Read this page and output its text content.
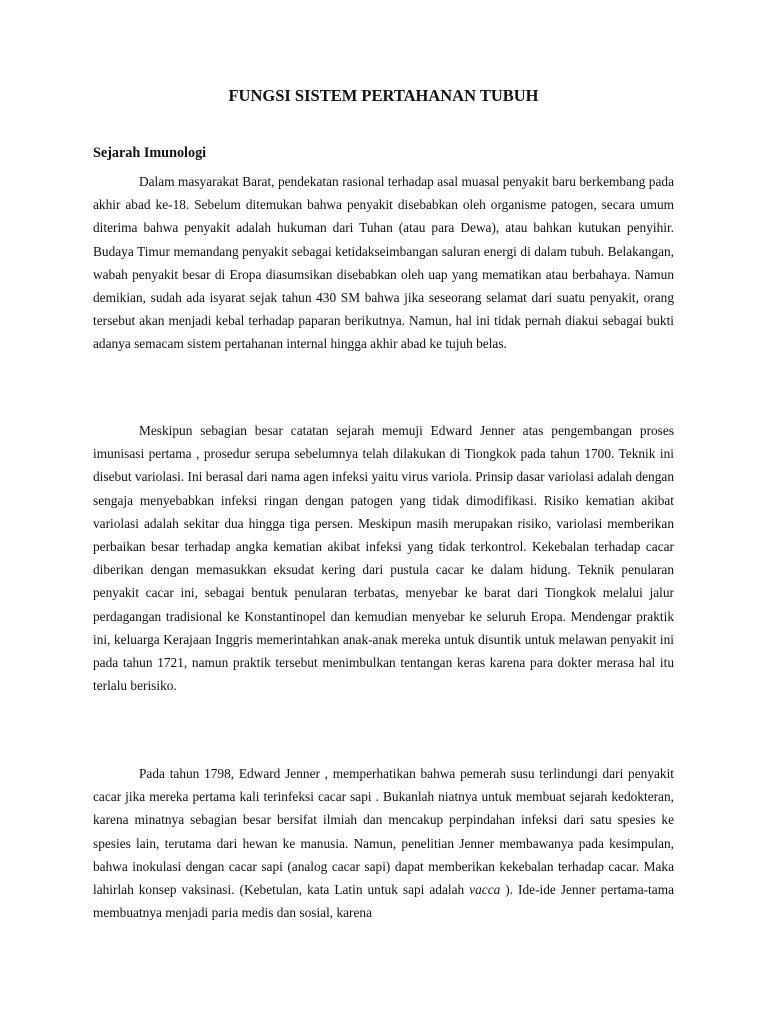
FUNGSI SISTEM PERTAHANAN TUBUH
Sejarah Imunologi

Dalam masyarakat Barat, pendekatan rasional terhadap asal muasal penyakit baru berkembang pada akhir abad ke-18. Sebelum ditemukan bahwa penyakit disebabkan oleh organisme patogen, secara umum diterima bahwa penyakit adalah hukuman dari Tuhan (atau para Dewa), atau bahkan kutukan penyihir. Budaya Timur memandang penyakit sebagai ketidakseimbangan saluran energi di dalam tubuh. Belakangan, wabah penyakit besar di Eropa diasumsikan disebabkan oleh uap yang mematikan atau berbahaya. Namun demikian, sudah ada isyarat sejak tahun 430 SM bahwa jika seseorang selamat dari suatu penyakit, orang tersebut akan menjadi kebal terhadap paparan berikutnya. Namun, hal ini tidak pernah diakui sebagai bukti adanya semacam sistem pertahanan internal hingga akhir abad ke tujuh belas.

Meskipun sebagian besar catatan sejarah memuji Edward Jenner atas pengembangan proses imunisasi pertama , prosedur serupa sebelumnya telah dilakukan di Tiongkok pada tahun 1700. Teknik ini disebut variolasi. Ini berasal dari nama agen infeksi yaitu virus variola. Prinsip dasar variolasi adalah dengan sengaja menyebabkan infeksi ringan dengan patogen yang tidak dimodifikasi. Risiko kematian akibat variolasi adalah sekitar dua hingga tiga persen. Meskipun masih merupakan risiko, variolasi memberikan perbaikan besar terhadap angka kematian akibat infeksi yang tidak terkontrol. Kekebalan terhadap cacar diberikan dengan memasukkan eksudat kering dari pustula cacar ke dalam hidung. Teknik penularan penyakit cacar ini, sebagai bentuk penularan terbatas, menyebar ke barat dari Tiongkok melalui jalur perdagangan tradisional ke Konstantinopel dan kemudian menyebar ke seluruh Eropa. Mendengar praktik ini, keluarga Kerajaan Inggris memerintahkan anak-anak mereka untuk disuntik untuk melawan penyakit ini pada tahun 1721, namun praktik tersebut menimbulkan tentangan keras karena para dokter merasa hal itu terlalu berisiko.

Pada tahun 1798, Edward Jenner , memperhatikan bahwa pemerah susu terlindungi dari penyakit cacar jika mereka pertama kali terinfeksi cacar sapi . Bukanlah niatnya untuk membuat sejarah kedokteran, karena minatnya sebagian besar bersifat ilmiah dan mencakup perpindahan infeksi dari satu spesies ke spesies lain, terutama dari hewan ke manusia. Namun, penelitian Jenner membawanya pada kesimpulan, bahwa inokulasi dengan cacar sapi (analog cacar sapi) dapat memberikan kekebalan terhadap cacar. Maka lahirlah konsep vaksinasi. (Kebetulan, kata Latin untuk sapi adalah vacca ). Ide-ide Jenner pertama-tama membuatnya menjadi paria medis dan sosial, karena
